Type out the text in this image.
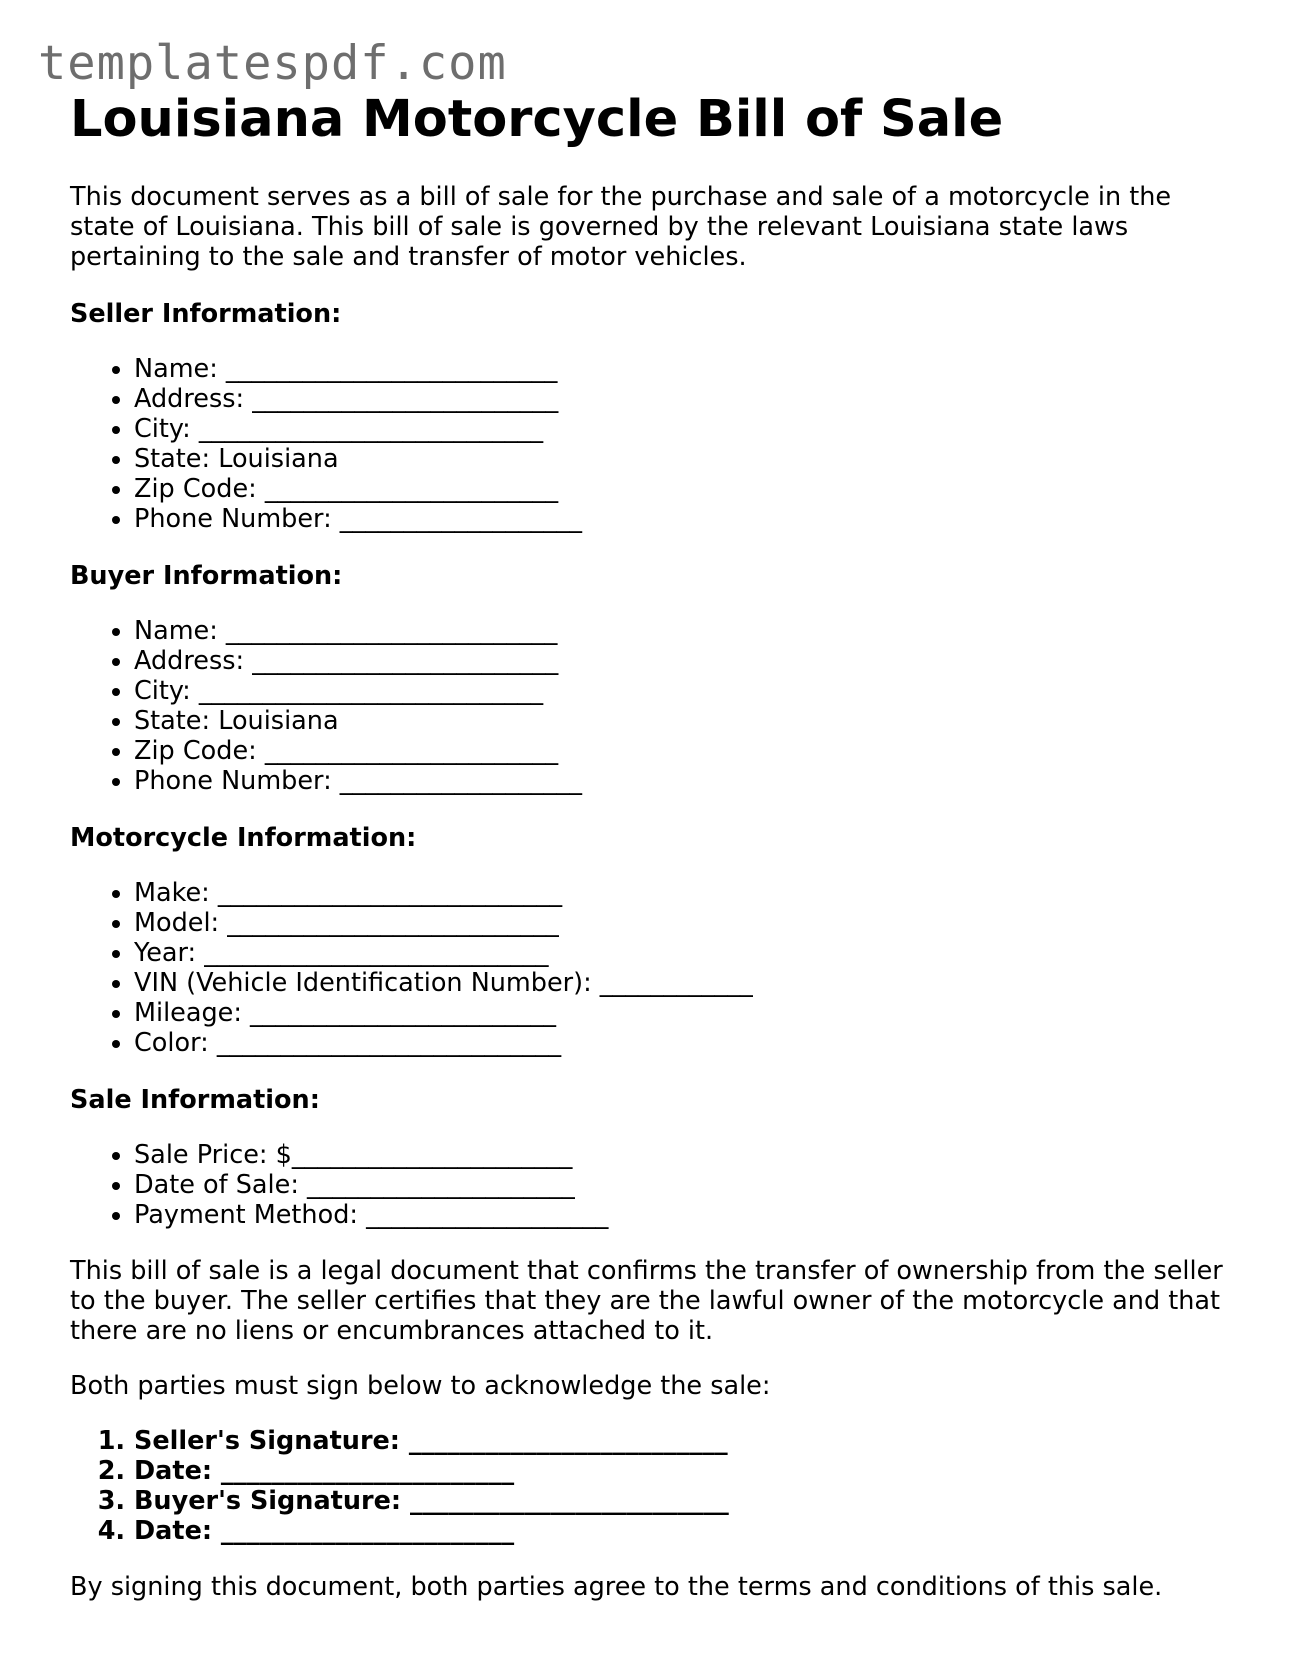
templatespdf.com
Louisiana Motorcycle Bill of Sale

This document serves as a bill of sale for the purchase and sale of a motorcycle in the state of Louisiana. This bill of sale is governed by the relevant Louisiana state laws pertaining to the sale and transfer of motor vehicles.

Seller Information:
• Name: __________________________
• Address: ________________________
• City: ___________________________
• State: Louisiana
• Zip Code: _______________________
• Phone Number: ___________________
Buyer Information:
• Name: __________________________
• Address: ________________________
• City: ___________________________
• State: Louisiana
• Zip Code: _______________________
• Phone Number: ___________________
Motorcycle Information:
• Make: ___________________________
• Model: __________________________
• Year: ___________________________
• VIN (Vehicle Identification Number): ____________
• Mileage: ________________________
• Color: ___________________________
Sale Information:
• Sale Price: $______________________
• Date of Sale: _____________________
• Payment Method: ___________________

This bill of sale is a legal document that confirms the transfer of ownership from the seller to the buyer. The seller certifies that they are the lawful owner of the motorcycle and that there are no liens or encumbrances attached to it.

Both parties must sign below to acknowledge the sale:

1. Seller's Signature: _________________________
2. Date: _______________________
3. Buyer's Signature: _________________________
4. Date: _______________________

By signing this document, both parties agree to the terms and conditions of this sale.
